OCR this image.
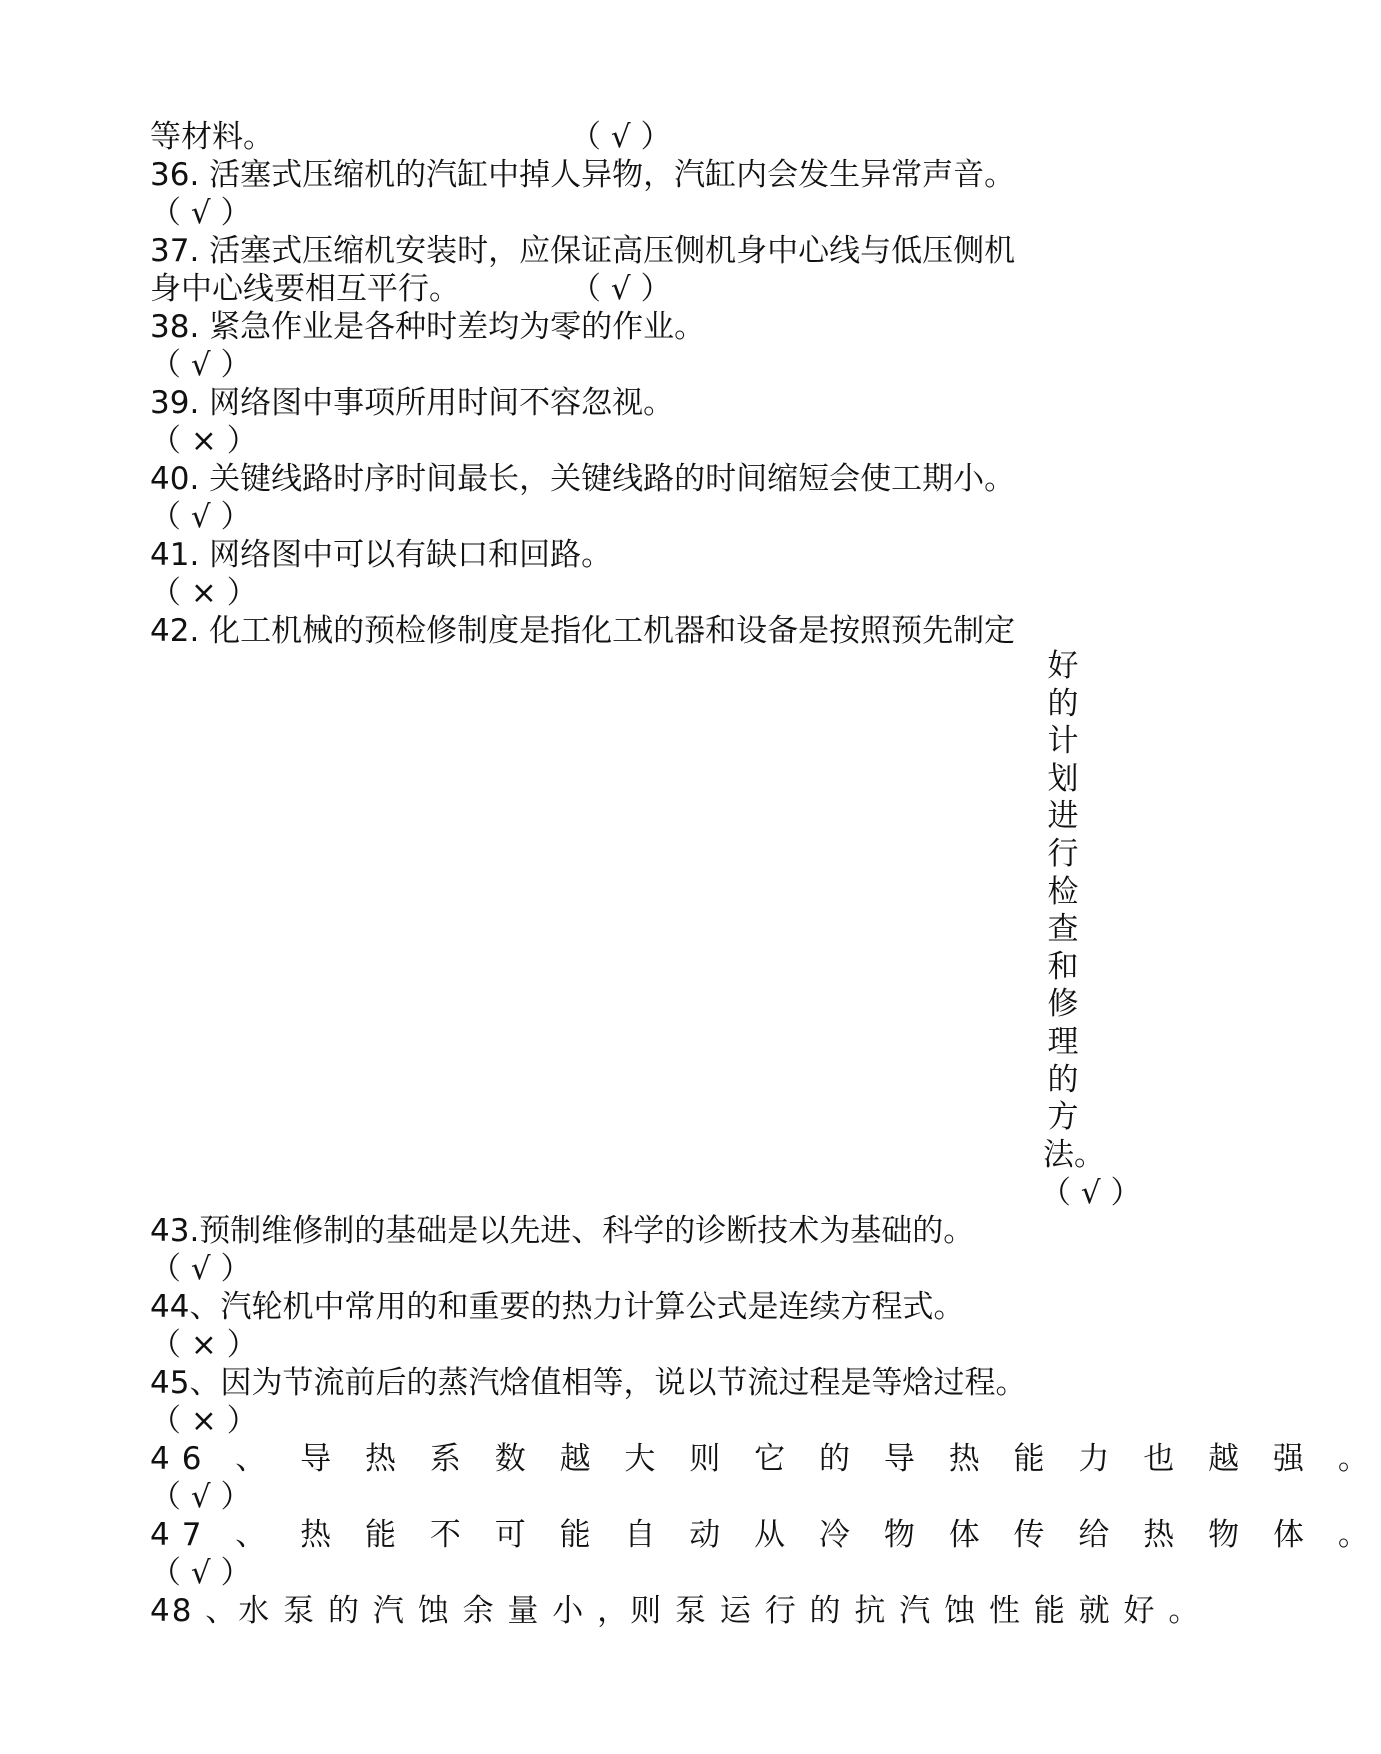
等材料。	（ √ ）
36. 活塞式压缩机的汽缸中掉人异物，汽缸内会发生异常声音。
（ √ ）
37. 活塞式压缩机安装时，应保证高压侧机身中心线与低压侧机
身中心线要相互平行。	（ √ ）
38. 紧急作业是各种时差均为零的作业。
（ √ ）
39. 网络图中事项所用时间不容忽视。
（ × ）
40. 关键线路时序时间最长，关键线路的时间缩短会使工期小。
（ √ ）
41. 网络图中可以有缺口和回路。
（ × ）
42. 化工机械的预检修制度是指化工机器和设备是按照预先制定
好
的
计
划
进
行
检
查
和
修
理
的
方
法。
（ √ ）
43.预制维修制的基础是以先进、科学的诊断技术为基础的。
（ √ ）
44、汽轮机中常用的和重要的热力计算公式是连续方程式。
（ × ）
45、因为节流前后的蒸汽焓值相等，说以节流过程是等焓过程。
（ × ）
46 、 导 热 系 数 越 大 则 它 的 导 热 能 力 也 越 强 。
（ √ ）
47 、 热 能 不 可 能 自 动 从 冷 物 体 传 给 热 物 体 。
（ √ ）
48 、水 泵 的 汽 蚀 余 量 小 ，则 泵 运 行 的 抗 汽 蚀 性 能 就 好 。
